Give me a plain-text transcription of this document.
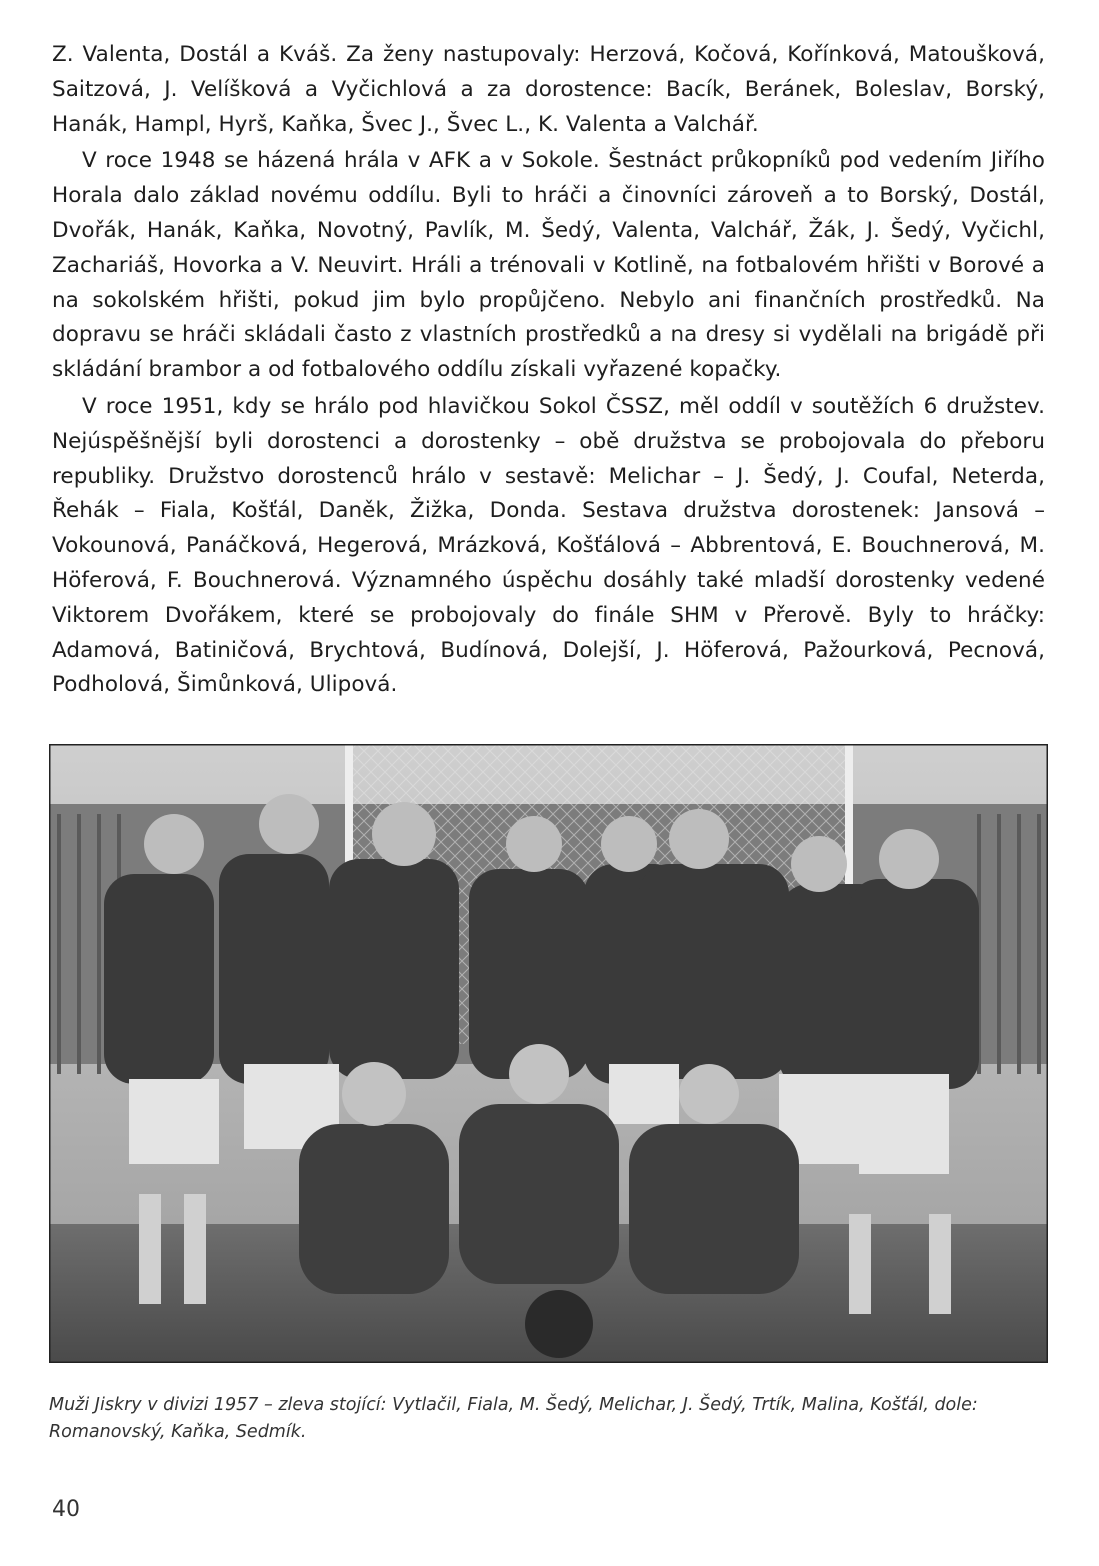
Z. Valenta, Dostál a Kváš. Za ženy nastupovaly: Herzová, Kočová, Kořínková, Matoušková, Saitzová, J. Velíšková a Vyčichlová a za dorostence: Bacík, Beránek, Boleslav, Borský, Hanák, Hampl, Hyrš, Kaňka, Švec J., Švec L., K. Valenta a Valchář.

V roce 1948 se házená hrála v AFK a v Sokole. Šestnáct průkopníků pod vedením Jiřího Horala dalo základ novému oddílu. Byli to hráči a činovníci zároveň a to Borský, Dostál, Dvořák, Hanák, Kaňka, Novotný, Pavlík, M. Šedý, Valenta, Valchář, Žák, J. Šedý, Vyčichl, Zachariáš, Hovorka a V. Neuvirt. Hráli a trénovali v Kotlině, na fotbalovém hřišti v Borové a na sokolském hřišti, pokud jim bylo propůjčeno. Nebylo ani finančních prostředků. Na dopravu se hráči skládali často z vlastních prostředků a na dresy si vydělali na brigádě při skládání brambor a od fotbalového oddílu získali vyřazené kopačky.

V roce 1951, kdy se hrálo pod hlavičkou Sokol ČSSZ, měl oddíl v soutěžích 6 družstev. Nejúspěšnější byli dorostenci a dorostenky – obě družstva se probojovala do přeboru republiky. Družstvo dorostenců hrálo v sestavě: Melichar – J. Šedý, J. Coufal, Neterda, Řehák – Fiala, Košťál, Daněk, Žižka, Donda. Sestava družstva dorostenek: Jansová – Vokounová, Panáčková, Hegerová, Mrázková, Košťálová – Abbrentová, E. Bouchnerová, M. Höferová, F. Bouchnerová. Významného úspěchu dosáhly také mladší dorostenky vedené Viktorem Dvořákem, které se probojovaly do finále SHM v Přerově. Byly to hráčky: Adamová, Batiničová, Brychtová, Budínová, Dolejší, J. Höferová, Pažourková, Pecnová, Podholová, Šimůnková, Ulipová.

Muži Jiskry v divizi 1957 – zleva stojící: Vytlačil, Fiala, M. Šedý, Melichar, J. Šedý, Trtík, Malina, Košťál, dole: Romanovský, Kaňka, Sedmík.
40
